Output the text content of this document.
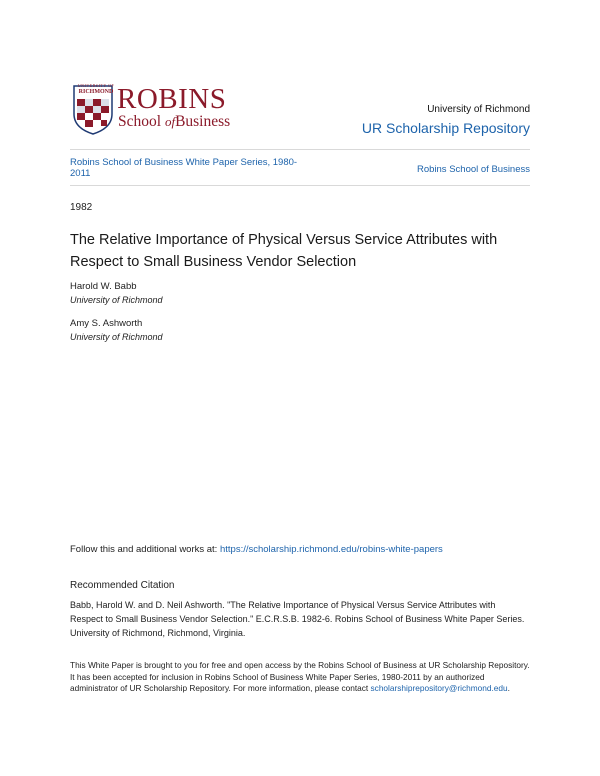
UNIVERSITY OF
RICHMOND ROBINS
School ofBusiness
University of Richmond
UR Scholarship Repository
Robins School of Business White Paper Series, 1980-2011	Robins School of Business
1982
The Relative Importance of Physical Versus Service Attributes with Respect to Small Business Vendor Selection
Harold W. Babb
University of Richmond
Amy S. Ashworth
University of Richmond
Follow this and additional works at: https://scholarship.richmond.edu/robins-white-papers
Recommended Citation
Babb, Harold W. and D. Neil Ashworth. "The Relative Importance of Physical Versus Service Attributes with Respect to Small Business Vendor Selection." E.C.R.S.B. 1982-6. Robins School of Business White Paper Series. University of Richmond, Richmond, Virginia.
This White Paper is brought to you for free and open access by the Robins School of Business at UR Scholarship Repository. It has been accepted for inclusion in Robins School of Business White Paper Series, 1980-2011 by an authorized administrator of UR Scholarship Repository. For more information, please contact scholarshiprepository@richmond.edu.
